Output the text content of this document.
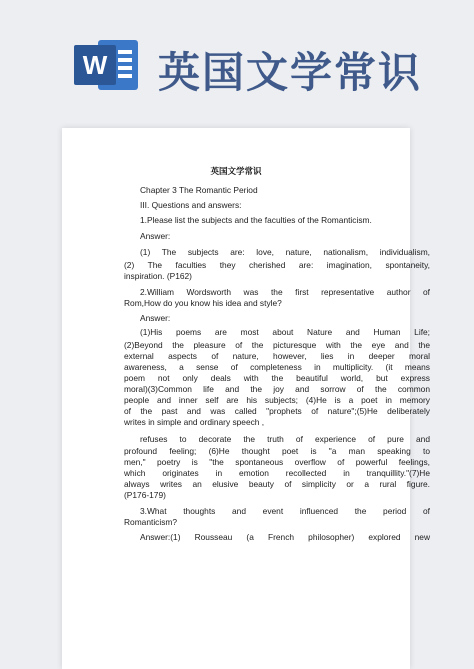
W 英国文学常识
英国文学常识
Chapter 3 The Romantic Period
III. Questions and answers:
1.Please list the subjects and the faculties of the Romanticism.
Answer:
(1) The subjects are: love, nature, nationalism, individualism,
(2) The faculties they cherished are: imagination, spontaneity,
inspiration. (P162)
2.William Wordsworth was the first representative author of
Rom,How do you know his idea and style?
Answer:
(1)His poems are most about Nature and Human Life;
(2)Beyond the pleasure of the picturesque with the eye and the
external aspects of nature, however, lies in deeper moral
awareness, a sense of completeness in multiplicity. (it means
poem not only deals with the beautiful world, but express
moral)(3)Common life and the joy and sorrow of the common
people and inner self are his subjects; (4)He is a poet in memory
of the past and was called "prophets of nature";(5)He deliberately
writes in simple and ordinary speech ,
refuses to decorate the truth of experience of pure and
profound feeling; (6)He thought poet is "a man speaking to
men," poetry is "the spontaneous overflow of powerful feelings,
which originates in emotion recollected in tranquillity."(7)He
always writes an elusive beauty of simplicity or a rural figure.
(P176-179)
3.What thoughts and event influenced the period of
Romanticism?
Answer:(1) Rousseau (a French philosopher) explored new
